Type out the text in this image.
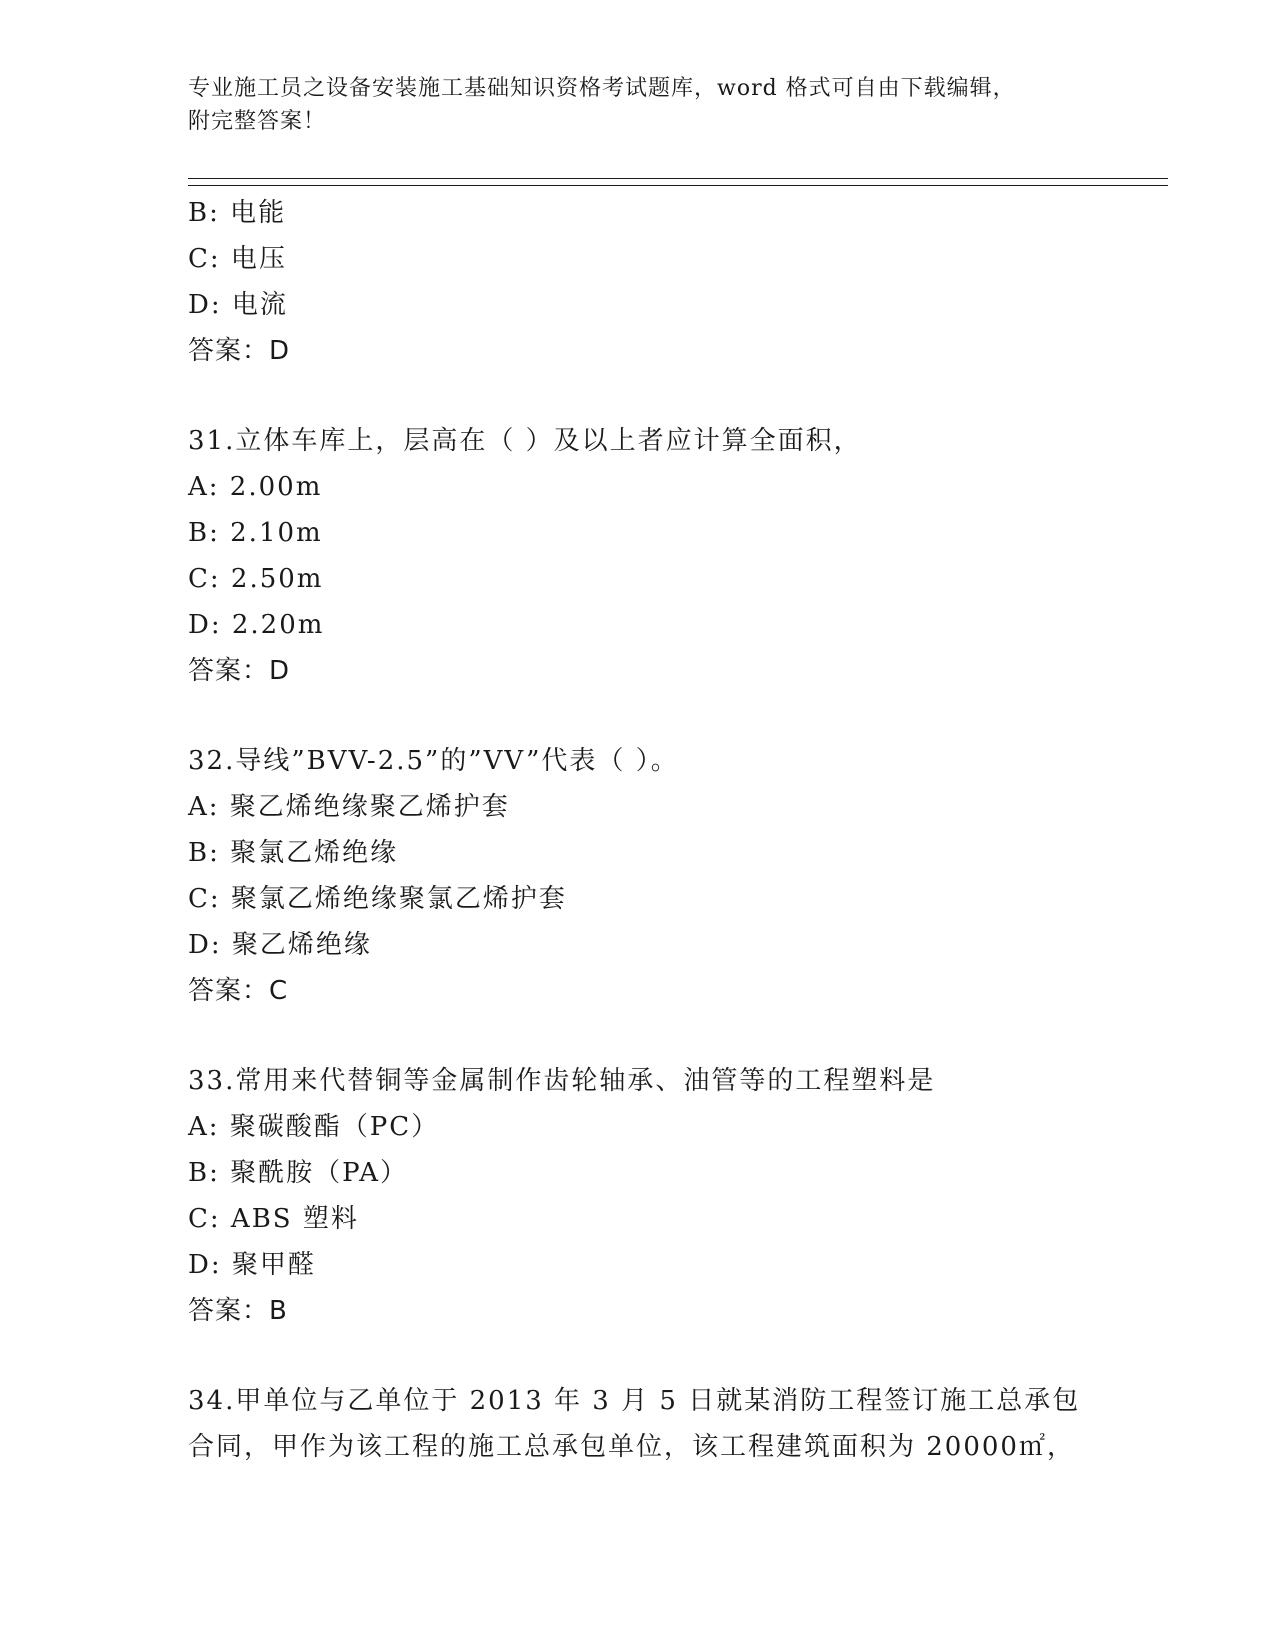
专业施工员之设备安装施工基础知识资格考试题库，word 格式可自由下载编辑，
附完整答案！
B: 电能
C: 电压
D: 电流
答案：D
31.立体车库上，层高在（ ）及以上者应计算全面积，
A: 2.00m
B: 2.10m
C: 2.50m
D: 2.20m
答案：D
32.导线”BVV-2.5”的”VV”代表（ ）。
A: 聚乙烯绝缘聚乙烯护套
B: 聚氯乙烯绝缘
C: 聚氯乙烯绝缘聚氯乙烯护套
D: 聚乙烯绝缘
答案：C
33.常用来代替铜等金属制作齿轮轴承、油管等的工程塑料是
A: 聚碳酸酯（PC）
B: 聚酰胺（PA）
C: ABS 塑料
D: 聚甲醛
答案：B
34.甲单位与乙单位于 2013 年 3 月 5 日就某消防工程签订施工总承包
合同，甲作为该工程的施工总承包单位，该工程建筑面积为 20000㎡，
